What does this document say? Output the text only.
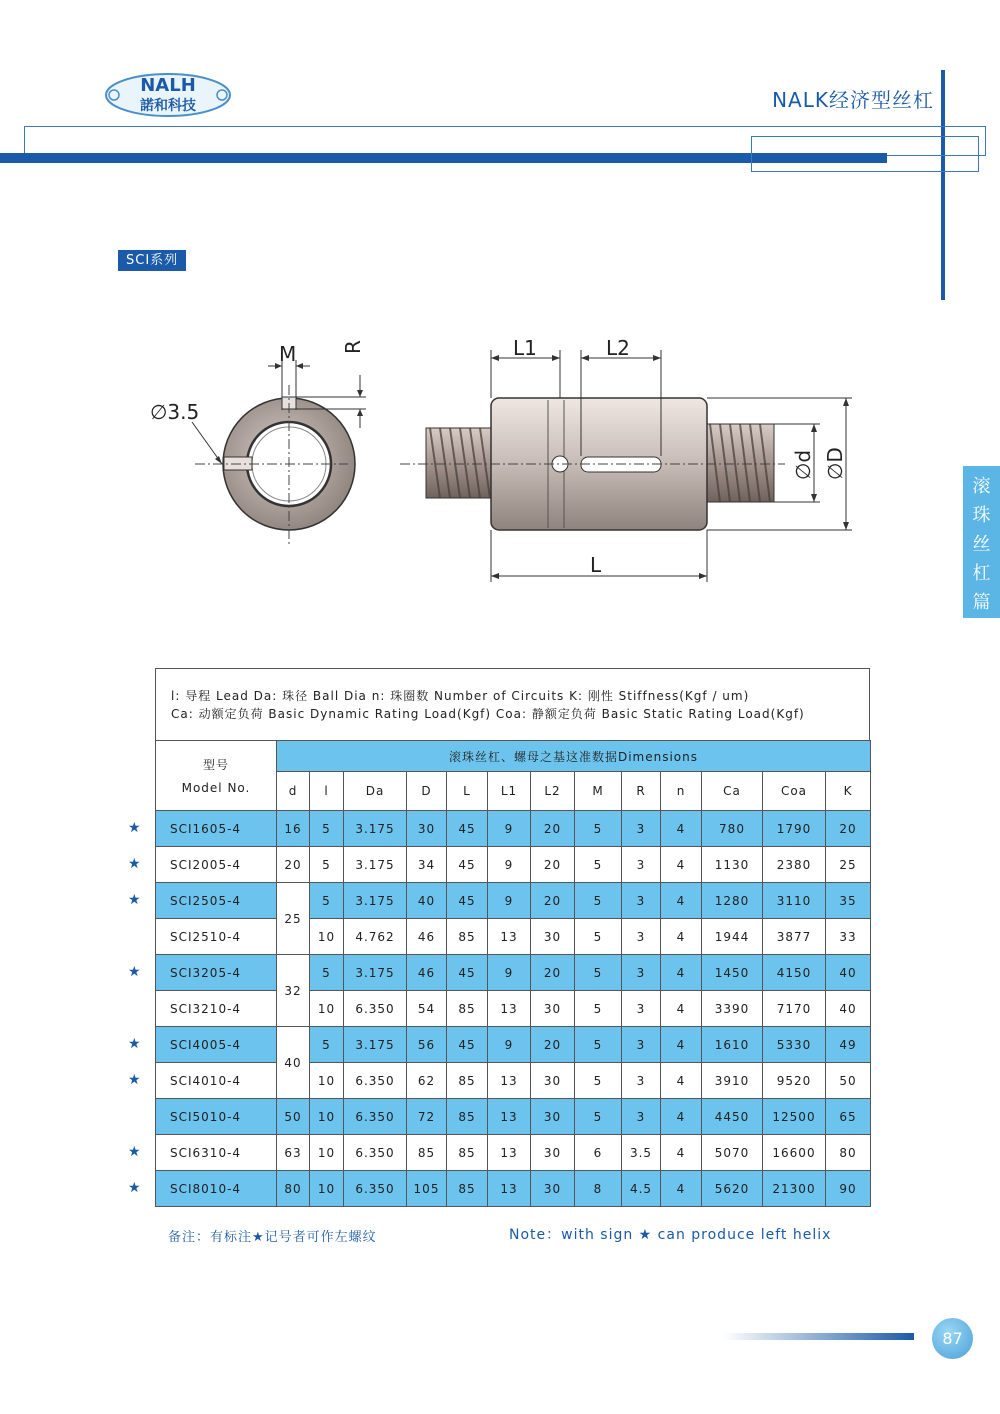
NALH
諾和科技	NALK经济型丝杠
SCI系列
滚
珠
丝
杠
篇
M R
∅3.5
L1	L2
L
∅d ∅D
l: 导程 Lead Da: 珠径 Ball Dia n: 珠圈数 Number of Circuits K: 刚性 Stiffness(Kgf / um)
Ca: 动额定负荷 Basic Dynamic Rating Load(Kgf) Coa: 静额定负荷 Basic Static Rating Load(Kgf)
型号
Model No.	滚珠丝杠、螺母之基这准数据Dimensions												
	d	l	Da	D	L	L1	L2	M	R	n	Ca	Coa	K
SCI1605-4	16	5	3.175	30	45	9	20	5	3	4	780	1790	20
SCI2005-4	20	5	3.175	34	45	9	20	5	3	4	1130	2380	25
SCI2505-4	25	5	3.175	40	45	9	20	5	3	4	1280	3110	35
SCI2510-4		10	4.762	46	85	13	30	5	3	4	1944	3877	33
SCI3205-4	32	5	3.175	46	45	9	20	5	3	4	1450	4150	40
SCI3210-4		10	6.350	54	85	13	30	5	3	4	3390	7170	40
SCI4005-4	40	5	3.175	56	45	9	20	5	3	4	1610	5330	49
SCI4010-4		10	6.350	62	85	13	30	5	3	4	3910	9520	50
SCI5010-4	50	10	6.350	72	85	13	30	5	3	4	4450	12500	65
SCI6310-4	63	10	6.350	85	85	13	30	6	3.5	4	5070	16600	80
SCI8010-4	80	10	6.350	105	85	13	30	8	4.5	4	5620	21300	90
★
★
★
★
★
★
★
★
备注：有标注★记号者可作左螺纹	Note：with sign ★ can produce left helix
87
